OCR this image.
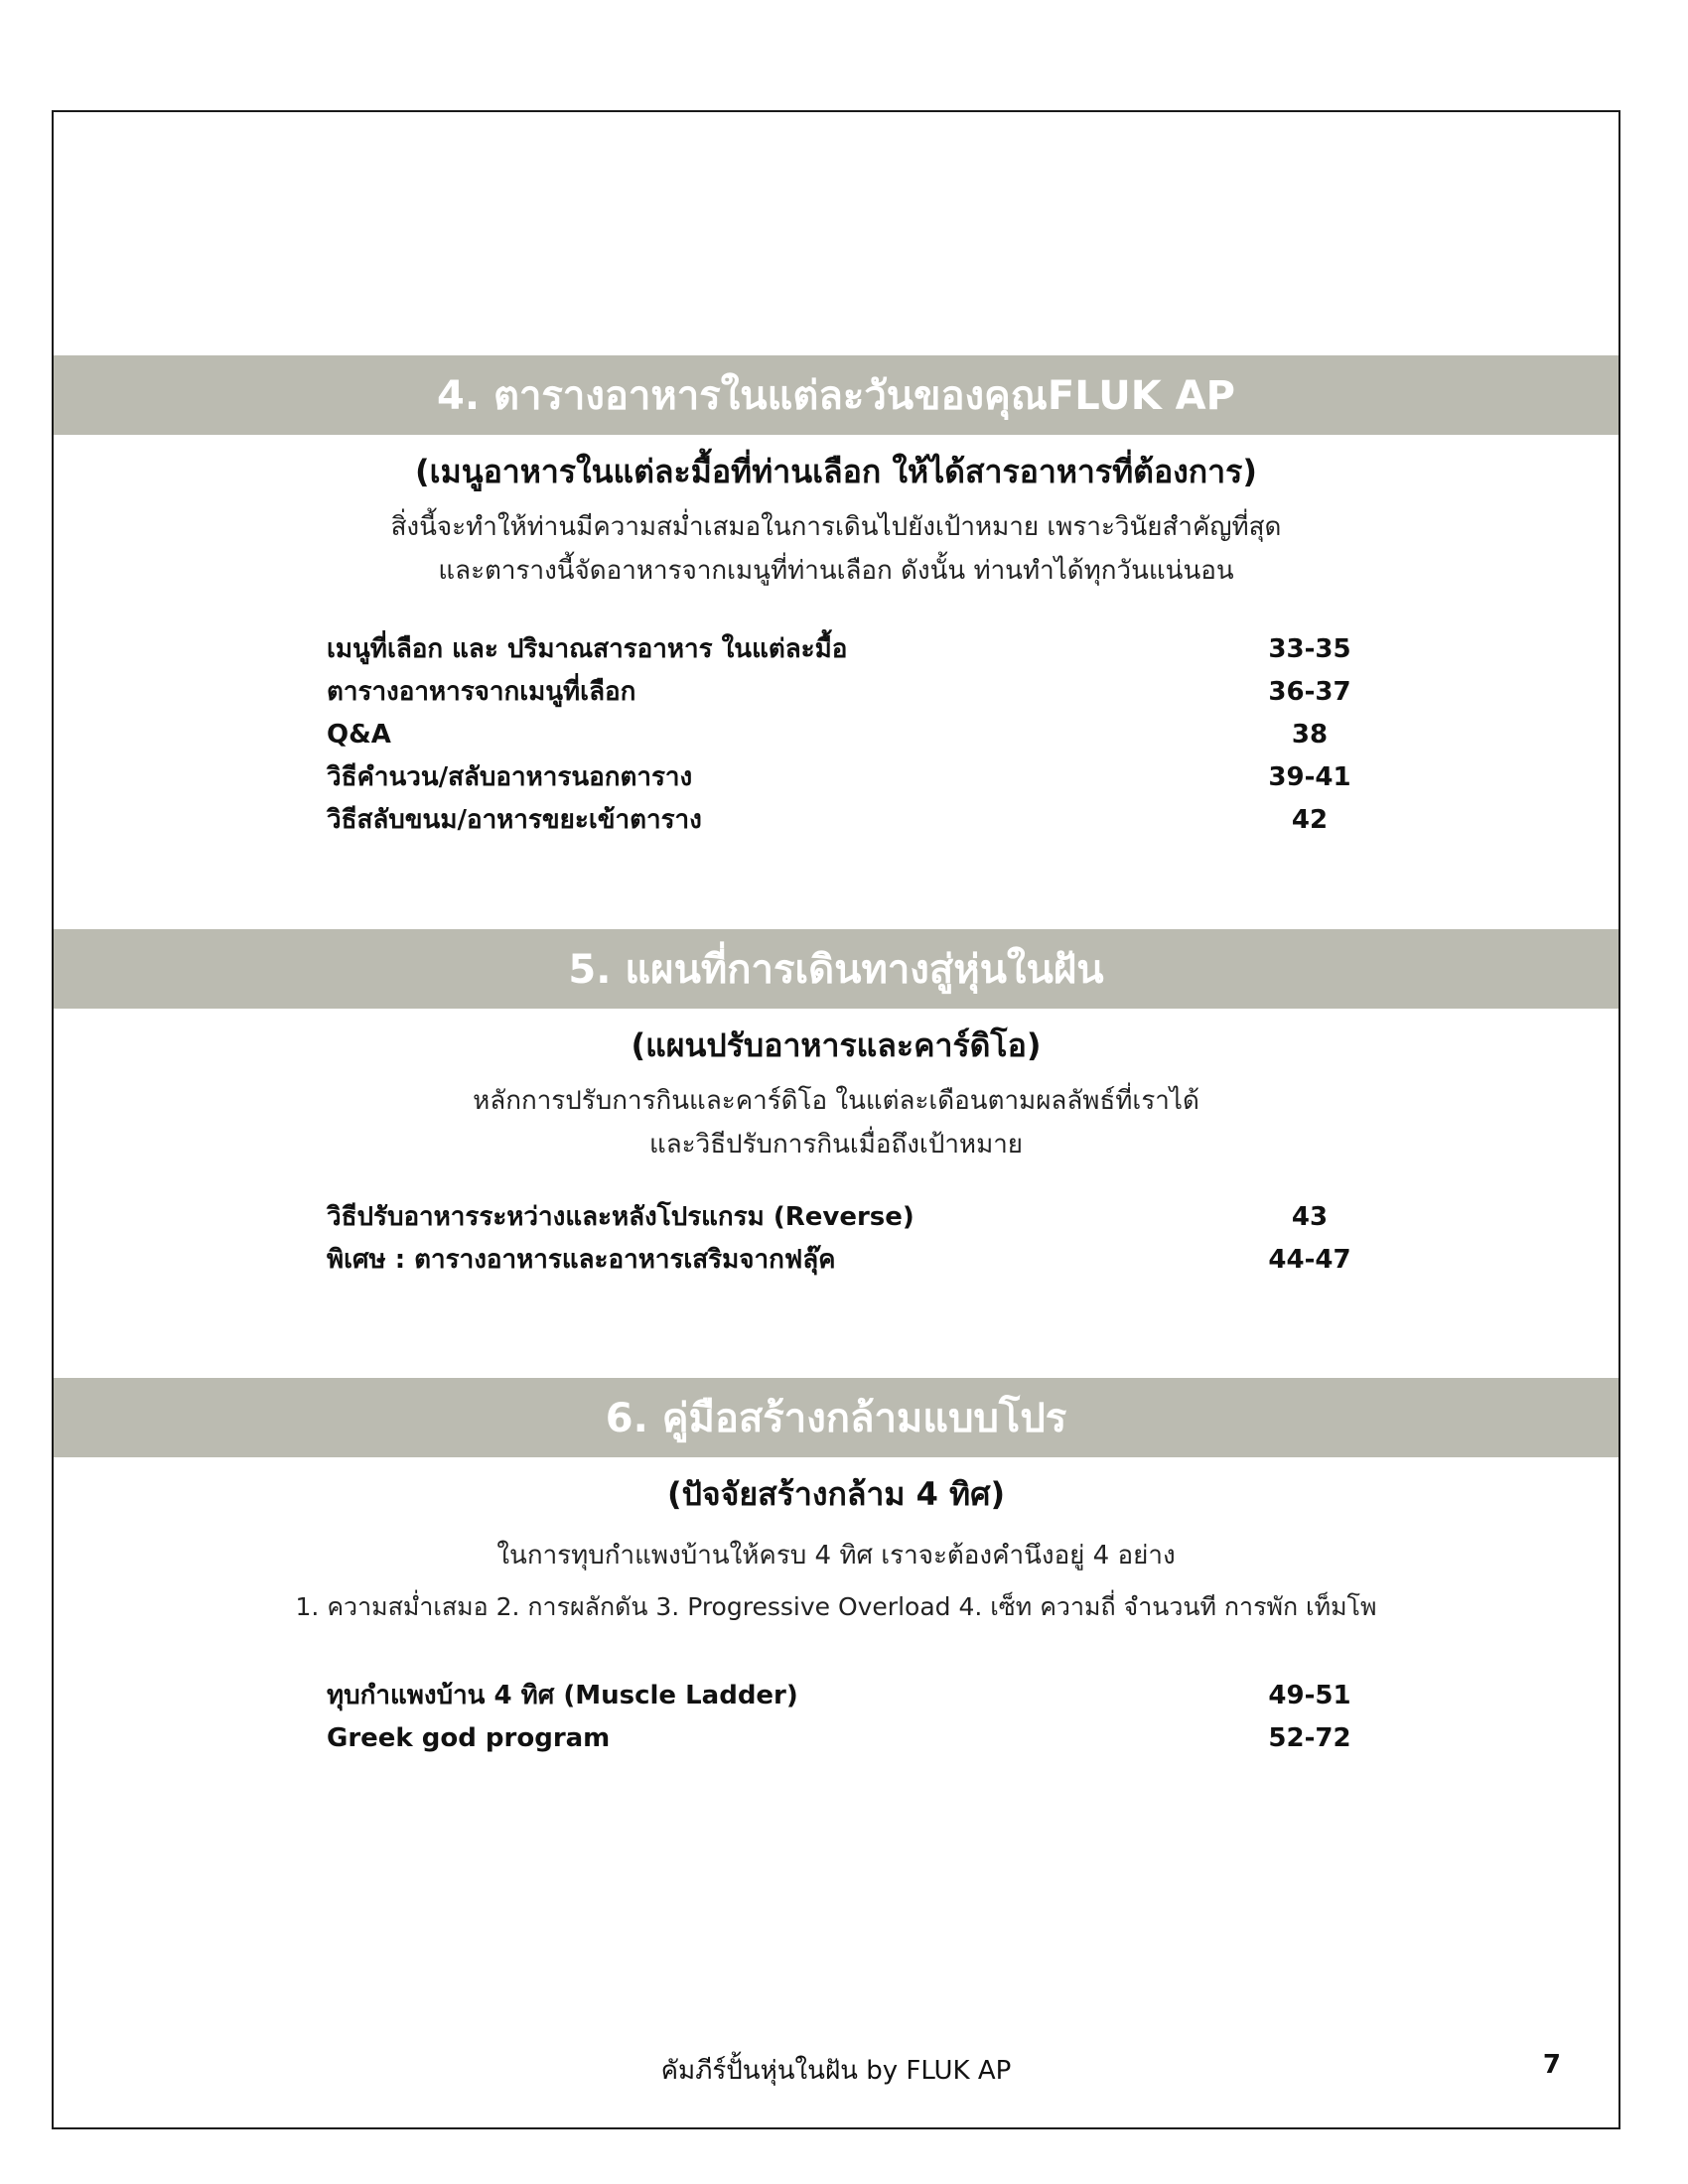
4. ตารางอาหารในแต่ละวันของคุณFLUK AP
(เมนูอาหารในแต่ละมื้อที่ท่านเลือก ให้ได้สารอาหารที่ต้องการ)
สิ่งนี้จะทำให้ท่านมีความสม่ำเสมอในการเดินไปยังเป้าหมาย เพราะวินัยสำคัญที่สุด
และตารางนี้จัดอาหารจากเมนูที่ท่านเลือก ดังนั้น ท่านทำได้ทุกวันแน่นอน
เมนูที่เลือก และ ปริมาณสารอาหาร ในแต่ละมื้อ	33-35
ตารางอาหารจากเมนูที่เลือก	36-37
Q&A	38
วิธีคำนวน/สลับอาหารนอกตาราง	39-41
วิธีสลับขนม/อาหารขยะเข้าตาราง	42
5. แผนที่การเดินทางสู่หุ่นในฝัน
(แผนปรับอาหารและคาร์ดิโอ)
หลักการปรับการกินและคาร์ดิโอ ในแต่ละเดือนตามผลลัพธ์ที่เราได้
และวิธีปรับการกินเมื่อถึงเป้าหมาย
วิธีปรับอาหารระหว่างและหลังโปรแกรม (Reverse)	43
พิเศษ : ตารางอาหารและอาหารเสริมจากฟลุ๊ค	44-47
6. คู่มือสร้างกล้ามแบบโปร
(ปัจจัยสร้างกล้าม 4 ทิศ)
ในการทุบกำแพงบ้านให้ครบ 4 ทิศ เราจะต้องคำนึงอยู่ 4 อย่าง
1. ความสม่ำเสมอ 2. การผลักดัน 3. Progressive Overload 4. เซ็ท ความถี่ จำนวนที การพัก เท็มโพ
ทุบกำแพงบ้าน 4 ทิศ (Muscle Ladder)	49-51
Greek god program	52-72
คัมภีร์ปั้นหุ่นในฝัน by FLUK AP	7
